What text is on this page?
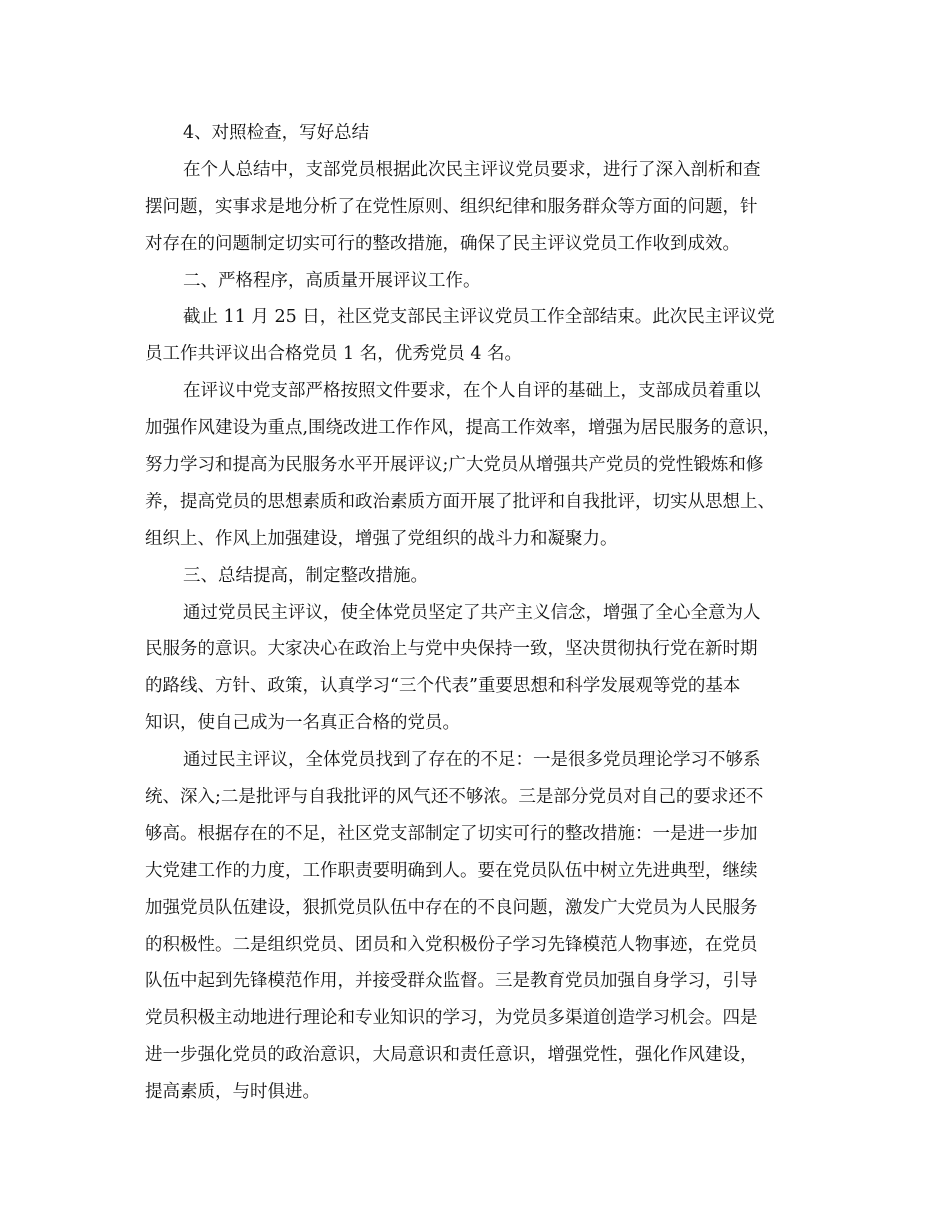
4、对照检查，写好总结
在个人总结中，支部党员根据此次民主评议党员要求，进行了深入剖析和查
摆问题，实事求是地分析了在党性原则、组织纪律和服务群众等方面的问题，针
对存在的问题制定切实可行的整改措施，确保了民主评议党员工作收到成效。
二、严格程序，高质量开展评议工作。
截止 11 月 25 日，社区党支部民主评议党员工作全部结束。此次民主评议党
员工作共评议出合格党员 1 名，优秀党员 4 名。
在评议中党支部严格按照文件要求，在个人自评的基础上，支部成员着重以
加强作风建设为重点,围绕改进工作作风，提高工作效率，增强为居民服务的意识，
努力学习和提高为民服务水平开展评议;广大党员从增强共产党员的党性锻炼和修
养，提高党员的思想素质和政治素质方面开展了批评和自我批评，切实从思想上、
组织上、作风上加强建设，增强了党组织的战斗力和凝聚力。
三、总结提高，制定整改措施。
通过党员民主评议，使全体党员坚定了共产主义信念，增强了全心全意为人
民服务的意识。大家决心在政治上与党中央保持一致，坚决贯彻执行党在新时期
的路线、方针、政策，认真学习“三个代表”重要思想和科学发展观等党的基本
知识，使自己成为一名真正合格的党员。
通过民主评议，全体党员找到了存在的不足：一是很多党员理论学习不够系
统、深入;二是批评与自我批评的风气还不够浓。三是部分党员对自己的要求还不
够高。根据存在的不足，社区党支部制定了切实可行的整改措施：一是进一步加
大党建工作的力度，工作职责要明确到人。要在党员队伍中树立先进典型，继续
加强党员队伍建设，狠抓党员队伍中存在的不良问题，激发广大党员为人民服务
的积极性。二是组织党员、团员和入党积极份子学习先锋模范人物事迹，在党员
队伍中起到先锋模范作用，并接受群众监督。三是教育党员加强自身学习，引导
党员积极主动地进行理论和专业知识的学习，为党员多渠道创造学习机会。四是
进一步强化党员的政治意识，大局意识和责任意识，增强党性，强化作风建设，
提高素质，与时俱进。
